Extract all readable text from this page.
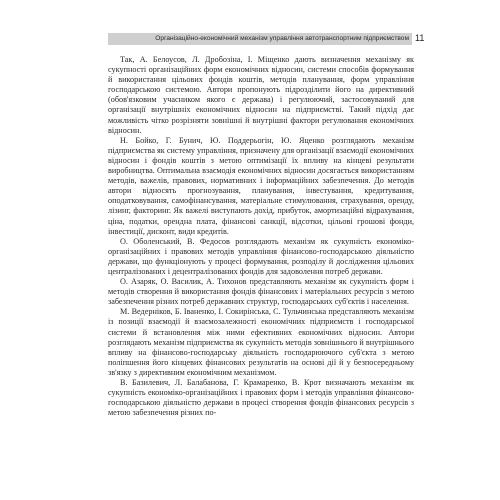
Організаційно-економічний механізм управління автотранспортним підприємством 11

Так, А. Белоусов, Л. Дробозіна, І. Міщенко дають визначення механізму як сукупності організаційних форм економічних відносин, системи способів формування й використання цільових фондів коштів, методів планування, форм управління господарською системою. Автори пропонують підрозділити його на директивний (обов'язковим учасником якого є держава) і регулюючий, застосовуваний для організації внутрішніх економічних відносин на підприємстві. Такий підхід дає можливість чітко розрізняти зовнішні й внутрішні фактори регулювання економічних відносин.

Н. Бойко, Г. Бунич, Ю. Поддерьогін, Ю. Яценко розглядають механізм підприємства як систему управління, призначену для організації взаємодії економічних відносин і фондів коштів з метою оптимізації їх впливу на кінцеві результати виробництва. Оптимальна взаємодія економічних відносин досягається використанням методів, важелів, правових, нормативних і інформаційних забезпечення. До методів автори відносять прогнозування, планування, інвестування, кредитування, оподатковування, самофінансування, матеріальне стимулювання, страхування, оренду, лізинг, факторинг. Як важелі виступають дохід, прибуток, амортизаційні відрахування, ціна, податки, орендна плата, фінансові санкції, відсотки, цільові грошові фонди, інвестиції, дисконт, види кредитів.

О. Оболенський, В. Федосов розглядають механізм як сукупність економіко-організаційних і правових методів управління фінансово-господарською діяльністю держави, що функціонують у процесі формування, розподілу й дослідження цільових централізованих і децентралізованих фондів для задоволення потреб держави.

О. Азаряк, О. Василик, А. Тихонов представляють механізм як сукупність форм і методів створення й використання фондів фінансових і матеріальних ресурсів з метою забезпечення різних потреб державних структур, господарських суб'єктів і населення.

М. Ведерніков, Б. Іваненко, І. Сокирінська, С. Тульчинська представляють механізм із позиції взаємодії й взаємозалежності економічних підприємств і господарської системи й встановлення між ними ефективних економічних відносин. Автори розглядають механізм підприємства як сукупність методів зовнішнього й внутрішнього впливу на фінансово-господарську діяльність господарюючого суб'єкта з метою поліпшення його кінцевих фінансових результатів на основі дії й у безпосередньому зв'язку з директивним економічним механізмом.

В. Базилевич, Л. Балабанова, Г. Крамаренко, В. Крот визначають механізм як сукупність економіко-організаційних і правових форм і методів управління фінансово-господарською діяльністю держави в процесі створення фондів фінансових ресурсів з метою забезпечення різних по-
